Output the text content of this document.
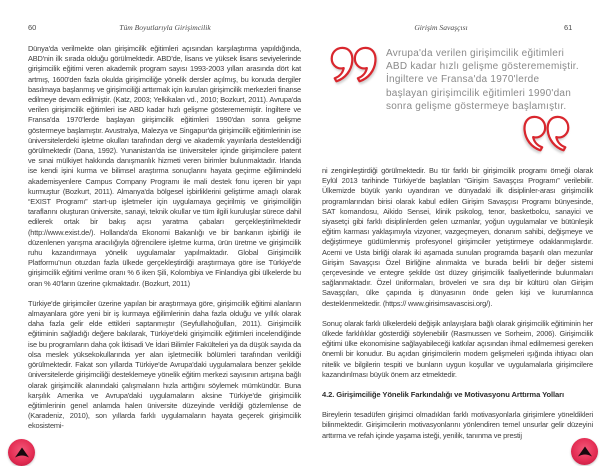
60	Tüm Boyutlarıyla Girişimcilik	Girişim Savaşçısı	61

Dünya'da verilmekte olan girişimcilik eğitimleri açısından karşılaştırma yapıldığında, ABD'nin ilk sırada olduğu görülmektedir. ABD'de, lisans ve yüksek lisans seviyelerinde girişimcilik eğitimi veren akademik program sayısı 1993-2003 yılları arasında dört kat artmış, 1600'den fazla okulda girişimciliğe yönelik dersler açılmış, bu konuda dergiler basılmaya başlanmış ve girişimciliği arttırmak için kurulan girişimcilik merkezleri finanse edilmeye devam edilmiştir. (Katz, 2003; Yelkikalan vd., 2010; Bozkurt, 2011). Avrupa'da verilen girişimcilik eğitimleri ise ABD kadar hızlı gelişme gösterememiştir. İngiltere ve Fransa'da 1970'lerde başlayan girişimcilik eğitimleri 1990'dan sonra gelişme göstermeye başlamıştır. Avustralya, Malezya ve Singapur'da girişimcilik eğitimlerinin ise üniversitelerdeki işletme okulları tarafından dergi ve akademik yayınlarla desteklendiği görülmektedir (Dana, 1992). Yunanistan'da ise üniversiteler içinde girişimcilere patent ve sınai mülkiyet hakkında danışmanlık hizmeti veren birimler bulunmaktadır. İrlanda ise kendi işini kurma ve bilimsel araştırma sonuçlarını hayata geçirme eğilimindeki akademisyenlere Campus Company Programı ile mali destek fonu içeren bir yapı kurmuştur (Bozkurt, 2011). Almanya'da bölgesel işbirliklerini geliştirme amaçlı olarak “EXIST Programı” start-up işletmeler için uygulamaya geçirilmiş ve girişimciliğin taraflarını oluşturan üniversite, sanayi, teknik okullar ve tüm ilgili kuruluşlar sürece dahil edilerek ortak bir bakış açısı yaratma çabaları gerçekleştirilmektedir (http://www.exist.de/). Hollanda'da Ekonomi Bakanlığı ve bir bankanın işbirliği ile düzenlenen yarışma aracılığıyla öğrencilere işletme kurma, ürün üretme ve girişimcilik ruhu kazandırmaya yönelik uygulamalar yapılmaktadır. Global Girişimcilik Platformu'nun otuzdan fazla ülkede gerçekleştirdiği araştırmaya göre ise Türkiye'de girişimcilik eğitimi verilme oranı % 6 iken Şili, Kolombiya ve Finlandiya gibi ülkelerde bu oran % 40'ların üzerine çıkmaktadır. (Bozkurt, 2011)

Türkiye'de girişimciler üzerine yapılan bir araştırmaya göre, girişimcilik eğitimi alanların almayanlara göre yeni bir iş kurmaya eğilimlerinin daha fazla olduğu ve yıllık olarak daha fazla gelir elde ettikleri saptanmıştır (Seyfullahoğulları, 2011). Girişimcilik eğitiminin sağladığı değere bakılarak, Türkiye'deki girişimcilik eğitimleri incelendiğinde ise bu programların daha çok İktisadi Ve İdari Bilimler Fakülteleri ya da düşük sayıda da olsa meslek yüksekokullarında yer alan işletmecilik bölümleri tarafından verildiği görülmektedir. Fakat son yıllarda Türkiye'de Avrupa'daki uygulamalara benzer şekilde üniversitelerde girişimciliği desteklemeye yönelik eğitim merkezi sayısının artışına bağlı olarak girişimcilik alanındaki çalışmaların hızla arttığını söylemek mümkündür. Buna karşılık Amerika ve Avrupa'daki uygulamaların aksine Türkiye'de girişimcilik eğitimlerinin genel anlamda halen üniversite düzeyinde verildiği gözlemlense de (Karadeniz, 2010), son yıllarda farklı uygulamaların hayata geçerek girişimcilik ekosistemi-

Avrupa'da verilen girişimcilik eğitimleri ABD kadar hızlı gelişme gösterememiştir. İngiltere ve Fransa'da 1970'lerde başlayan girişimcilik eğitimleri 1990'dan sonra gelişme göstermeye başlamıştır.

ni zenginleştirdiği görülmektedir. Bu tür farklı bir girişimcilik programı örneği olarak Eylül 2013 tarihinde Türkiye'de başlatılan “Girişim Savaşçısı Programı” verilebilir. Ülkemizde büyük yankı uyandıran ve dünyadaki ilk disiplinler-arası girişimcilik programlarından birisi olarak kabul edilen Girişim Savaşçısı Programı bünyesinde, SAT komandosu, Aikido Sensei, klinik psikolog, tenor, basketbolcu, sanayici ve siyasetçi gibi farklı disiplinlerden gelen uzmanlar, yoğun uygulamalar ve bütünleşik eğitim karması yaklaşımıyla vizyoner, vazgeçmeyen, donanım sahibi, değişmeye ve değiştirmeye güdümlenmiş profesyonel girişimciler yetiştirmeye odaklanmışlardır. Acemi ve Usta birliği olarak iki aşamada sunulan programda başarılı olan mezunlar Girişim Savaşçısı Özel Birliğine alınmakta ve burada belirli bir değer sistemi çerçevesinde ve entegre şekilde üst düzey girişimcilik faaliyetlerinde bulunmaları sağlanmaktadır. Özel üniformaları, bröveleri ve sıra dışı bir kültürü olan Girişim Savaşçıları, ülke çapında iş dünyasının önde gelen kişi ve kurumlarınca desteklenmektedir. (https:// www.girisimsavascisi.org/).

Sonuç olarak farklı ülkelerdeki değişik anlayışlara bağlı olarak girişimcilik eğitiminin her ülkede farklılıklar gösterdiği söylenebilir (Rasmussen ve Sorheim, 2006). Girişimcilik eğitimi ülke ekonomisine sağlayabileceği katkılar açısından ihmal edilmemesi gereken önemli bir konudur. Bu açıdan girişimcilerin modern gelişmeleri ışığında ihtiyacı olan nitelik ve bilgilerin tespiti ve bunların uygun koşullar ve uygulamalarla girişimcilere kazandırılması büyük önem arz etmektedir.

4.2. Girişimciliğe Yönelik Farkındalığı ve Motivasyonu Arttırma Yolları

Bireylerin tesadüfen girişimci olmadıkları farklı motivasyonlarla girişimlere yöneldikleri bilinmektedir. Girişimcilerin motivasyonlarını yönlendiren temel unsurlar gelir düzeyini arttırma ve refah içinde yaşama isteği, yenilik, tanınma ve prestij
